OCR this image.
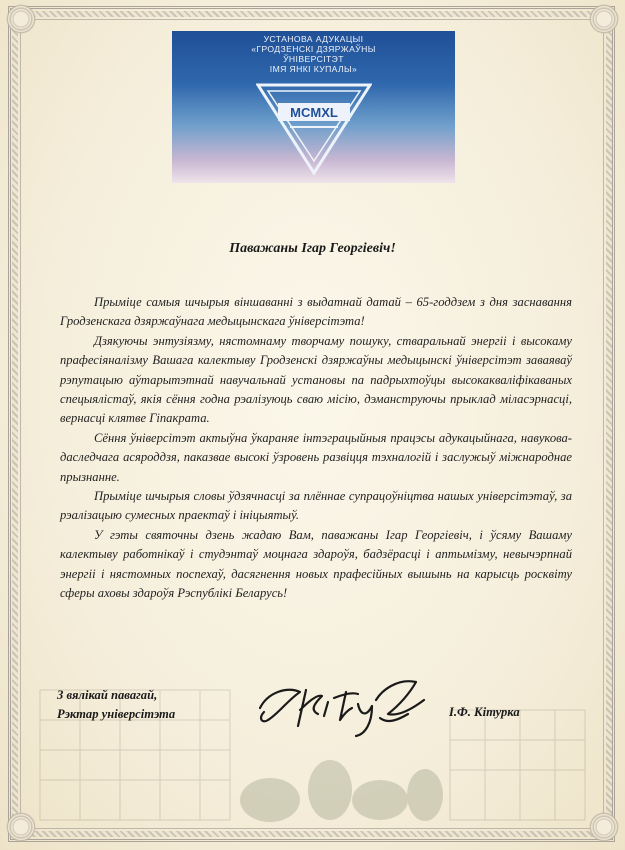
УСТАНОВА АДУКАЦЫІ
«ГРОДЗЕНСКІ ДЗЯРЖАЎНЫ
ЎНІВЕРСІТЭТ
ІМЯ ЯНКІ КУПАЛЫ»
MCMXL
Паважаны Ігар Георгіевіч!

Прыміце самыя шчырыя віншаванні з выдатнай датай – 65-годдзем з дня заснавання Гродзенскага дзяржаўнага медыцынскага ўніверсітэта!

Дзякуючы энтузіязму, нястомнаму творчаму пошуку, стваральнай энергіі і высокаму прафесіяналізму Вашага калектыву Гродзенскі дзяржаўны медыцынскі ўніверсітэт заваяваў рэпутацыю аўтарытэтнай навучальнай установы па падрыхтоўцы высокакваліфікаваных спецыялістаў, якія сёння годна рэалізуюць сваю місію, дэманструючы прыклад міласэрнасці, вернасці клятве Гіпакрата.

Сёння ўніверсітэт актыўна ўкараняе інтэграцыйныя працэсы адукацыйнага, навукова-даследчага асяроддзя, паказвае высокі ўзровень развіцця тэхналогій і заслужыў міжнароднае прызнанне.

Прыміце шчырыя словы ўдзячнасці за плённае супрацоўніцтва нашых універсітэтаў, за рэалізацыю сумесных праектаў і ініцыятыў.

У гэты святочны дзень жадаю Вам, паважаны Ігар Георгіевіч, і ўсяму Вашаму калектыву работнікаў і студэнтаў моцнага здароўя, бадзёрасці і аптымізму, невычэрпнай энергіі і нястомных поспехаў, дасягнення новых прафесійных вышынь на карысць росквіту сферы аховы здароўя Рэспублікі Беларусь!

З вялікай павагай,
Рэктар універсітэта	І.Ф. Кітурка
